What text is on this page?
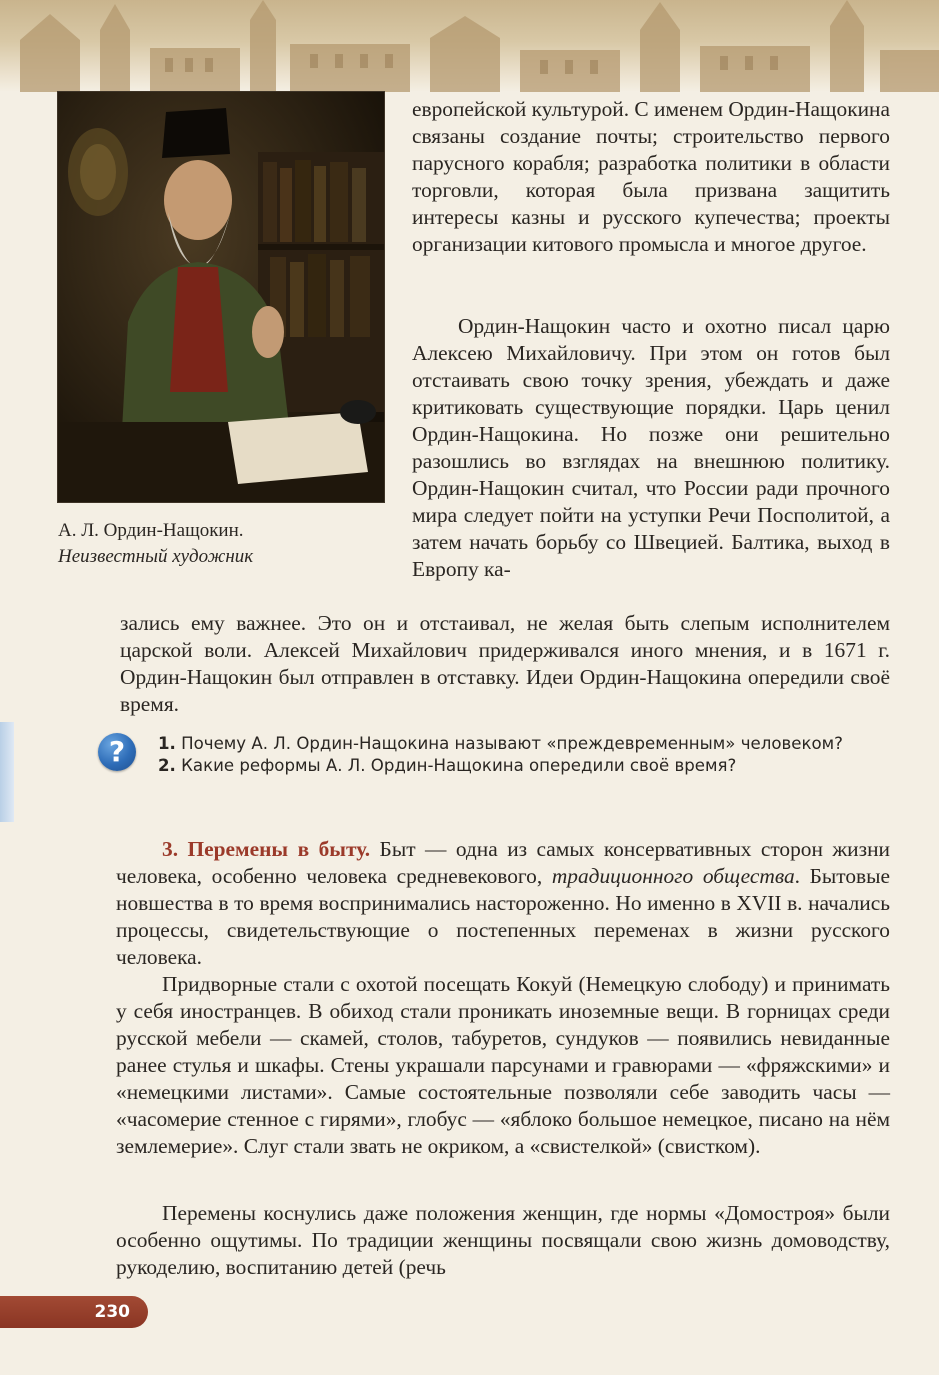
А. Л. Ордин-Нащокин.
Неизвестный художник

европейской культурой. С именем Ордин-Нащокина связаны создание почты; строительство первого парусного корабля; разработка политики в области торговли, которая была призвана защитить интересы казны и русского купечества; проекты организации китового промысла и многое другое.

Ордин-Нащокин часто и охотно писал царю Алексею Михайловичу. При этом он готов был отстаивать свою точку зрения, убеждать и даже критиковать существующие порядки. Царь ценил Ордин-Нащокина. Но позже они решительно разошлись во взглядах на внешнюю политику. Ордин-Нащокин считал, что России ради прочного мира следует пойти на уступки Речи Посполитой, а затем начать борьбу со Швецией. Балтика, выход в Европу ка-

зались ему важнее. Это он и отстаивал, не желая быть слепым исполнителем царской воли. Алексей Михайлович придерживался иного мнения, и в 1671 г. Ордин-Нащокин был отправлен в отставку. Идеи Ордин-Нащокина опередили своё время.

?	1. Почему А. Л. Ордин-Нащокина называют «преждевременным» человеком?
2. Какие реформы А. Л. Ордин-Нащокина опередили своё время?

3. Перемены в быту. Быт — одна из самых консервативных сторон жизни человека, особенно человека средневекового, традиционного общества. Бытовые новшества в то время воспринимались настороженно. Но именно в XVII в. начались процессы, свидетельствующие о постепенных переменах в жизни русского человека.

Придворные стали с охотой посещать Кокуй (Немецкую слободу) и принимать у себя иностранцев. В обиход стали проникать иноземные вещи. В горницах среди русской мебели — скамей, столов, табуретов, сундуков — появились невиданные ранее стулья и шкафы. Стены украшали парсунами и гравюрами — «фряжскими» и «немецкими листами». Самые состоятельные позволяли себе заводить часы — «часомерие стенное с гирями», глобус — «яблоко большое немецкое, писано на нём землемерие». Слуг стали звать не окриком, а «свистелкой» (свистком).

Перемены коснулись даже положения женщин, где нормы «Домостроя» были особенно ощутимы. По традиции женщины посвящали свою жизнь домоводству, рукоделию, воспитанию детей (речь

230
